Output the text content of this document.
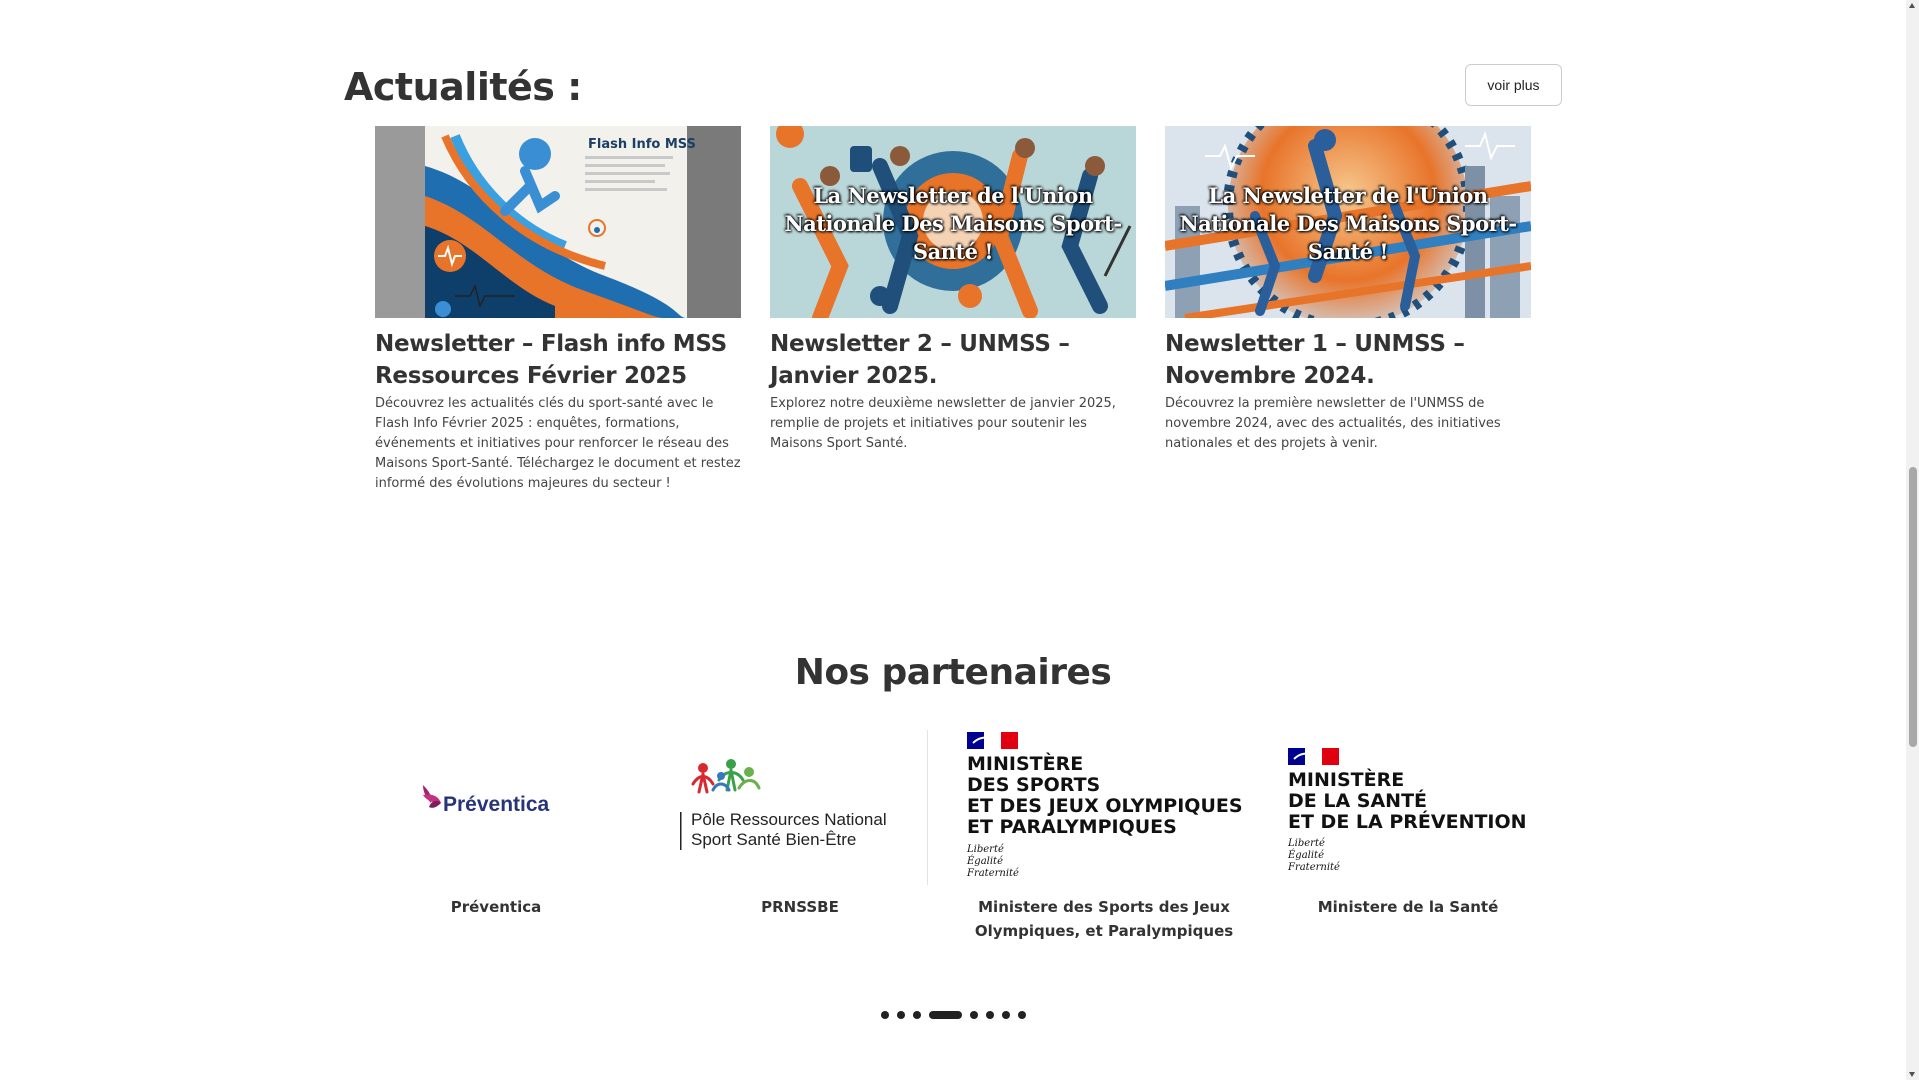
Actualités :	voir plus
Flash Info MSS
Newsletter – Flash info MSS Ressources Février 2025

Découvrez les actualités clés du sport-santé avec le Flash Info Février 2025 : enquêtes, formations, événements et initiatives pour renforcer le réseau des Maisons Sport-Santé. Téléchargez le document et restez informé des évolutions majeures du secteur !

La Newsletter de l'Union Nationale Des Maisons Sport-Santé !
Newsletter 2 – UNMSS – Janvier 2025.

Explorez notre deuxième newsletter de janvier 2025, remplie de projets et initiatives pour soutenir les Maisons Sport Santé.

La Newsletter de l'Union Nationale Des Maisons Sport-Santé !
Newsletter 1 – UNMSS – Novembre 2024.

Découvrez la première newsletter de l'UNMSS de novembre 2024, avec des actualités, des initiatives nationales et des projets à venir.

Nos partenaires
Préventica
Préventica
Pôle Ressources National
Sport Santé Bien-Être
PRNSSBE
MINISTÈRE
DES SPORTS
ET DES JEUX OLYMPIQUES
ET PARALYMPIQUES
Liberté
Égalité
Fraternité
Ministere des Sports des Jeux Olympiques, et Paralympiques
MINISTÈRE
DE LA SANTÉ
ET DE LA PRÉVENTION
Liberté
Égalité
Fraternité
Ministere de la Santé
